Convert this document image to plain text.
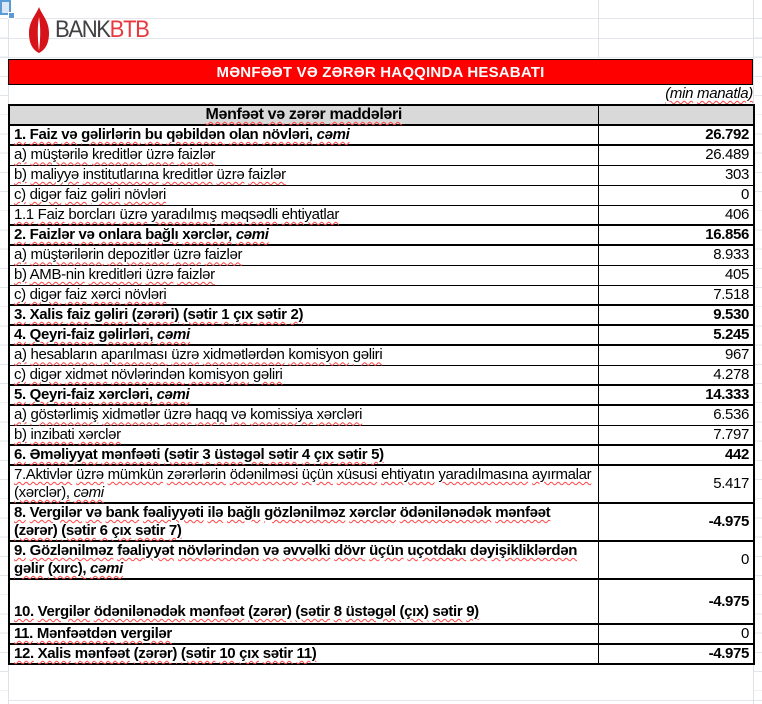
BANKBTB
MƏNFƏƏT VƏ ZƏRƏR HAQQINDA HESABATI
(min manatla)
Mənfəət və zərər maddələri	
1. Faiz və gəlirlərin bu qəbildən olan növləri, cəmi	26.792
a) müştərilə kreditlər üzrə faizlər	26.489
b) maliyyə institutlarına kreditlər üzrə faizlər	303
c) digər faiz gəliri növləri	0
1.1 Faiz borcları üzrə yaradılmış məqsədli ehtiyatlar	406
2. Faizlər və onlara bağlı xərclər, cəmi	16.856
a) müştərilərin depozitlər üzrə faizlər	8.933
b) AMB-nin kreditləri üzrə faizlər	405
c) digər faiz xərci növləri	7.518
3. Xalis faiz gəliri (zərəri) (sətir 1 çıx sətir 2)	9.530
4. Qeyri-faiz gəlirləri, cəmi	5.245
a) hesabların aparılması üzrə xidmətlərdən komisyon gəliri	967
c) digər xidmət növlərindən komisyon gəliri	4.278
5. Qeyri-faiz xərcləri, cəmi	14.333
a) göstərlimiş xidmətlər üzrə haqq və komissiya xərcləri	6.536
b) inzibati xərclər	7.797
6. Əməliyyat mənfəəti (sətir 3 üstəgəl sətir 4 çıx sətir 5)	442
7.Aktivlər üzrə mümkün zərərlərin ödənilməsi üçün xüsusi ehtiyatın yaradılmasına ayırmalar (xərclər), cəmi	5.417
8. Vergilər və bank fəaliyyəti ilə bağlı gözlənilməz xərclər ödənilənədək mənfəət (zərər) (sətir 6 çıx sətir 7)	-4.975
9. Gözlənilməz fəaliyyət növlərindən və əvvəlki dövr üçün uçotdakı dəyişikliklərdən gəlir (xırc), cəmi	0
10. Vergilər ödənilənədək mənfəət (zərər) (sətir 8 üstəgəl (çıx) sətir 9)	-4.975
11. Mənfəətdən vergilər	0
12. Xalis mənfəət (zərər) (sətir 10 çıx sətir 11)	-4.975
